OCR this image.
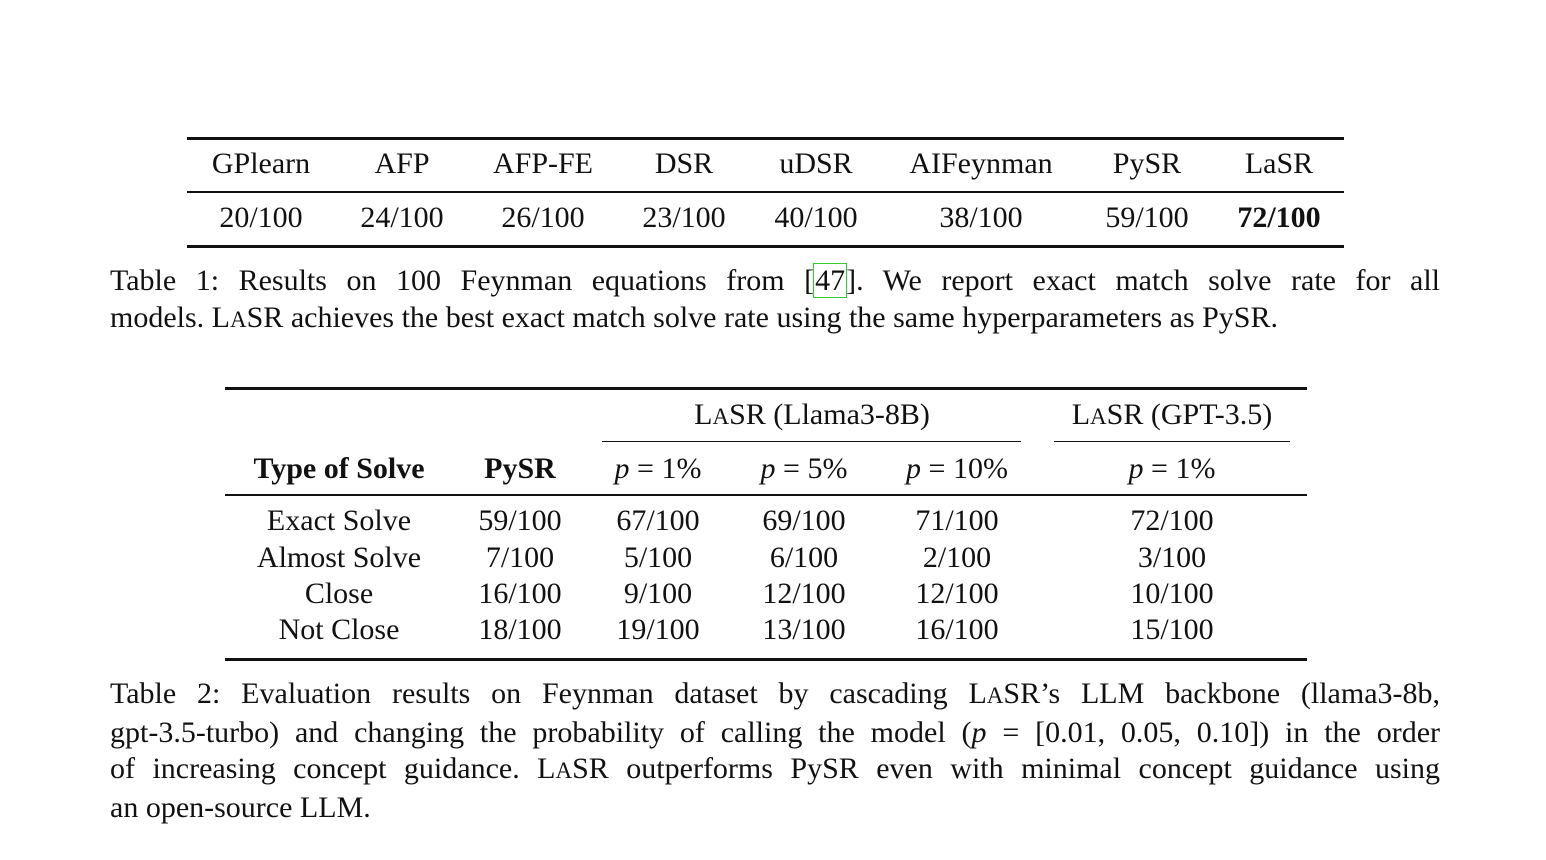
GPlearn AFP AFP-FE DSR uDSR AIFeynman PySR LaSR
20/100 24/100 26/100 23/100 40/100	38/100	59/100 72/100
Table 1: Results on 100 Feynman equations from [47]. We report exact match solve rate for all
models. LASR achieves the best exact match solve rate using the same hyperparameters as PySR.
LASR (Llama3-8B)	LASR (GPT-3.5)
Type of Solve PySR p = 1% p = 5% p = 10%	p = 1%
Exact Solve 59/100 67/100 69/100 71/100	72/100
Almost Solve 7/100 5/100	6/100	2/100	3/100
Close	16/100 9/100 12/100 12/100	10/100
Not Close	18/100 19/100 13/100 16/100	15/100
Table 2: Evaluation results on Feynman dataset by cascading LASR’s LLM backbone (llama3-8b,
gpt-3.5-turbo) and changing the probability of calling the model (p = [0.01, 0.05, 0.10]) in the order
of increasing concept guidance. LASR outperforms PySR even with minimal concept guidance using
an open-source LLM.
